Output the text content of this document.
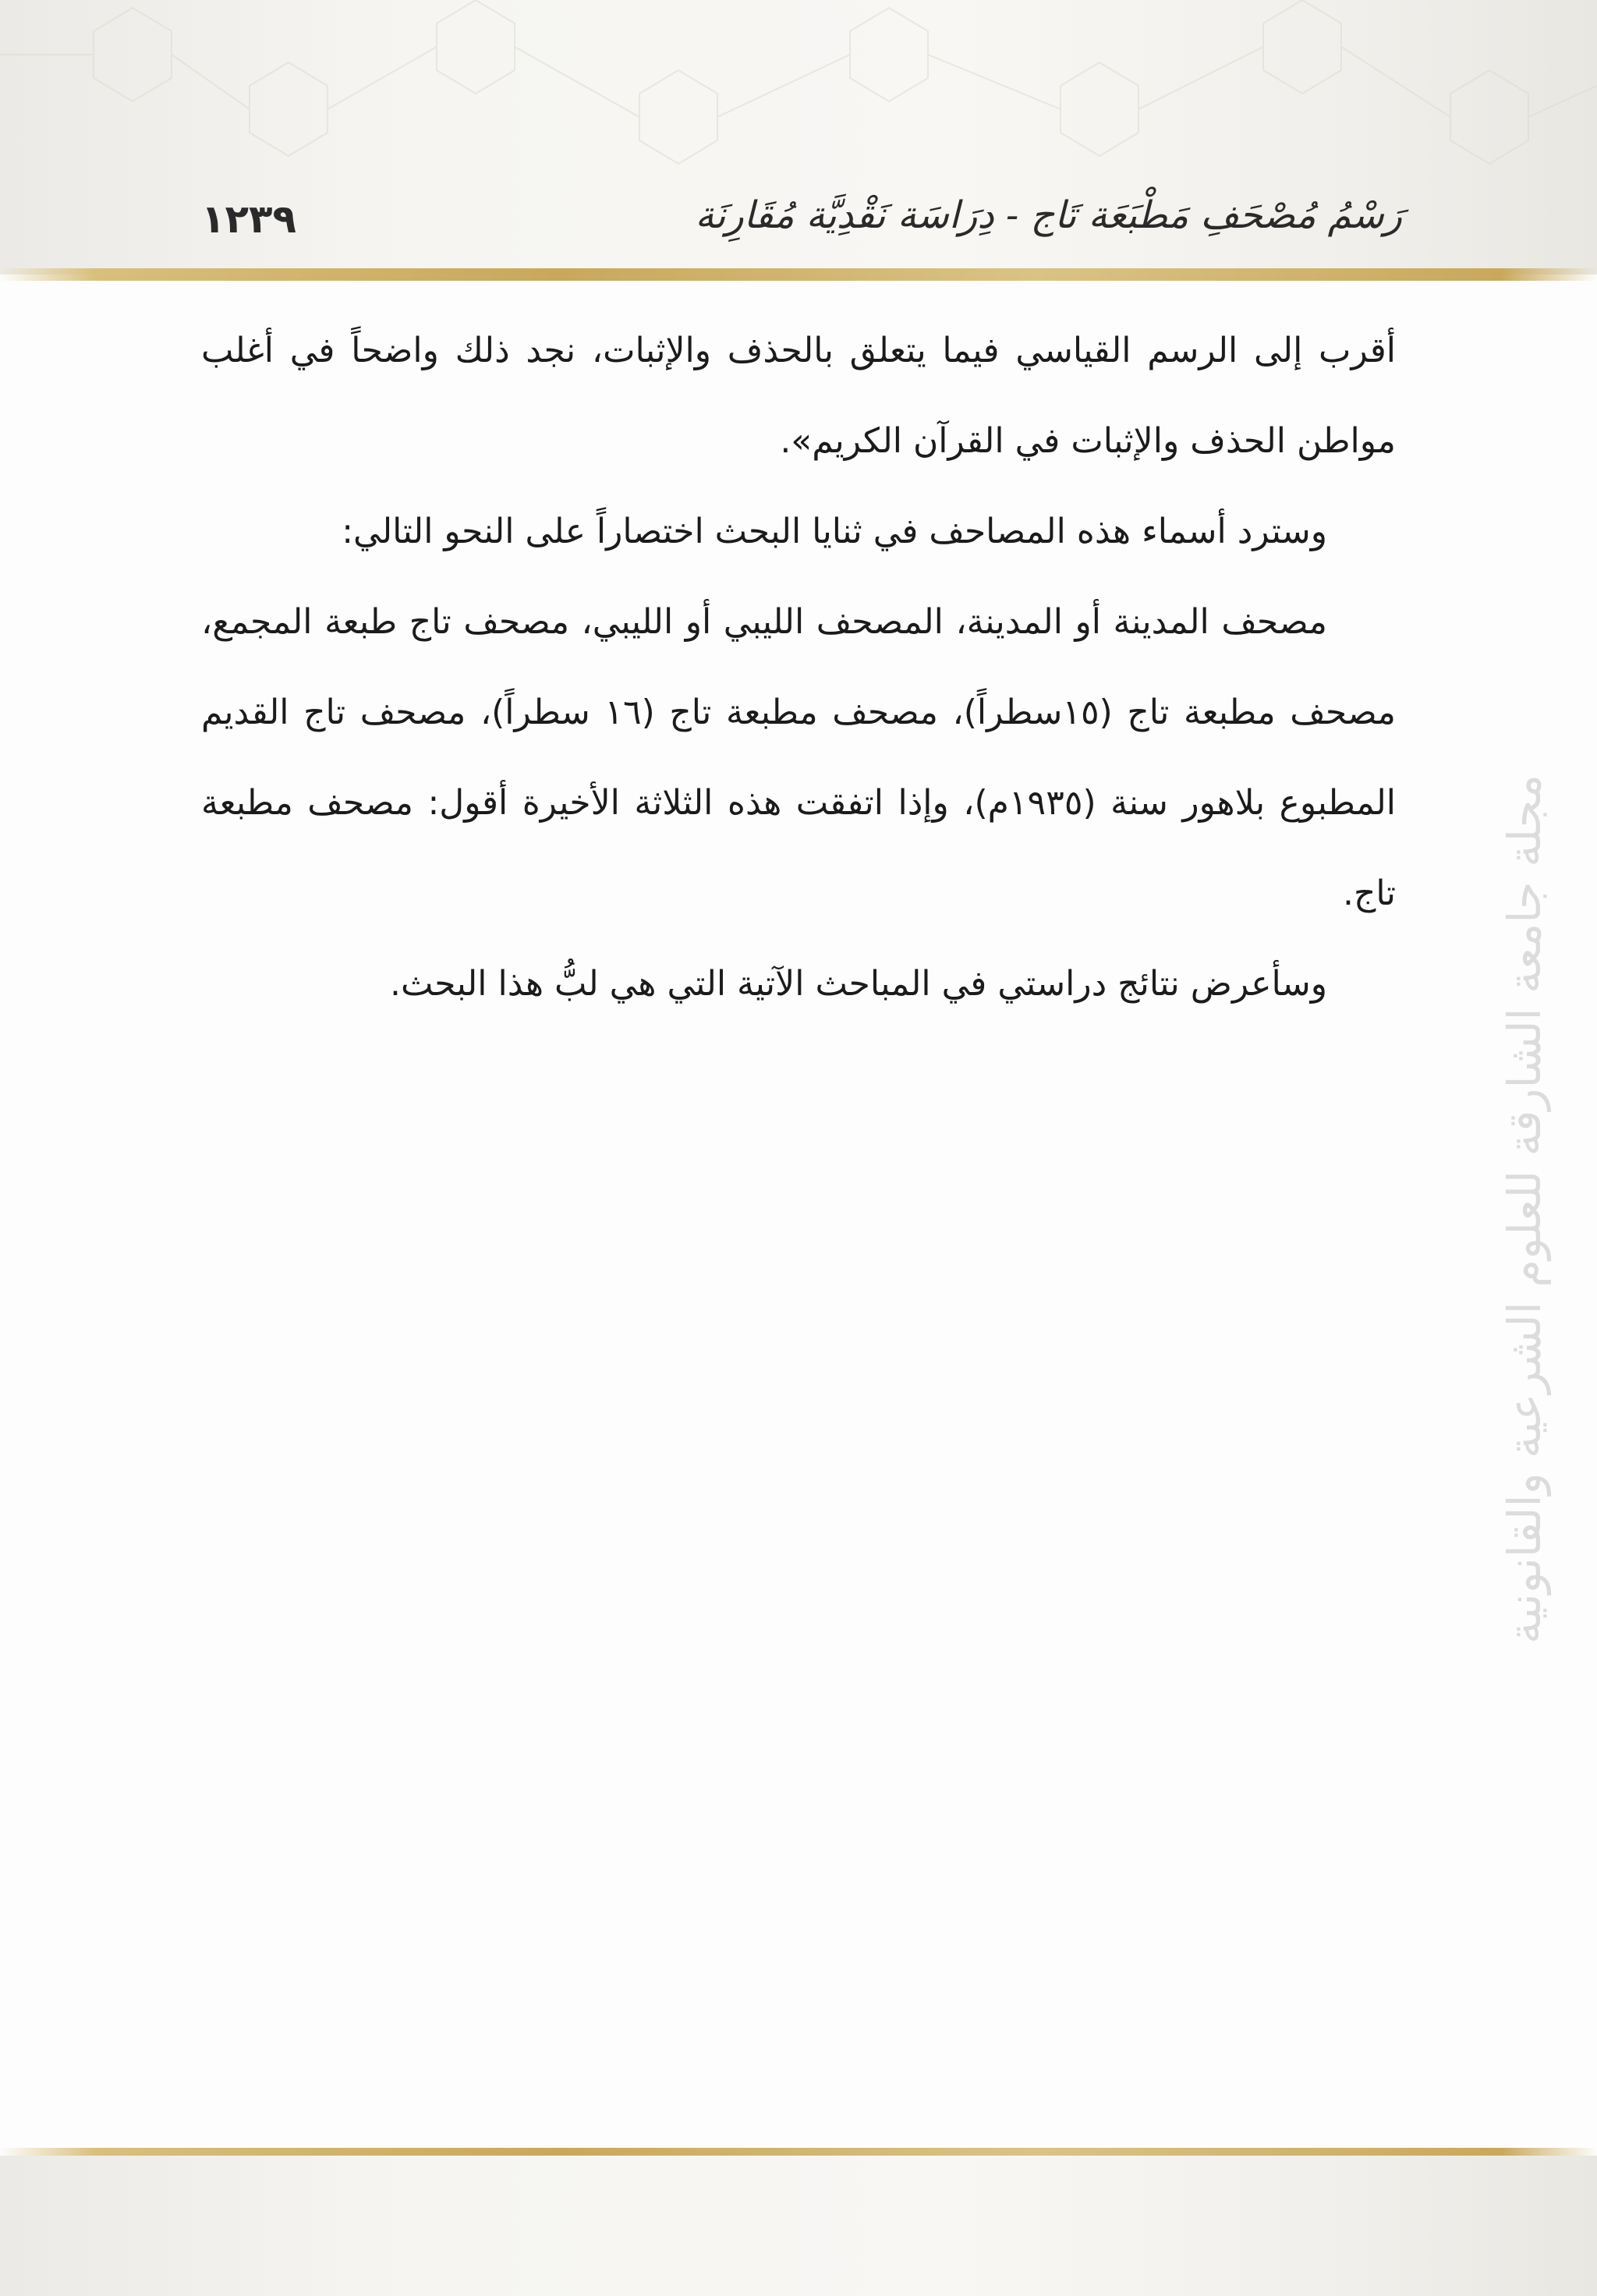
رَسْمُ مُصْحَفِ مَطْبَعَة تَاج - دِرَاسَة نَقْدِيَّة مُقَارِنَة
١٢٣٩

أقرب إلى الرسم القياسي فيما يتعلق بالحذف والإثبات، نجد ذلك واضحاً في أغلب مواطن الحذف والإثبات في القرآن الكريم».

وسترد أسماء هذه المصاحف في ثنايا البحث اختصاراً على النحو التالي:

مصحف المدينة أو المدينة، المصحف الليبي أو الليبي، مصحف تاج طبعة المجمع، مصحف مطبعة تاج (١٥سطراً)، مصحف مطبعة تاج (١٦ سطراً)، مصحف تاج القديم المطبوع بلاهور سنة (١٩٣٥م)، وإذا اتفقت هذه الثلاثة الأخيرة أقول: مصحف مطبعة تاج.

وسأعرض نتائج دراستي في المباحث الآتية التي هي لبُّ هذا البحث.	مجلة جامعة الشارقة للعلوم الشرعية والقانونية
